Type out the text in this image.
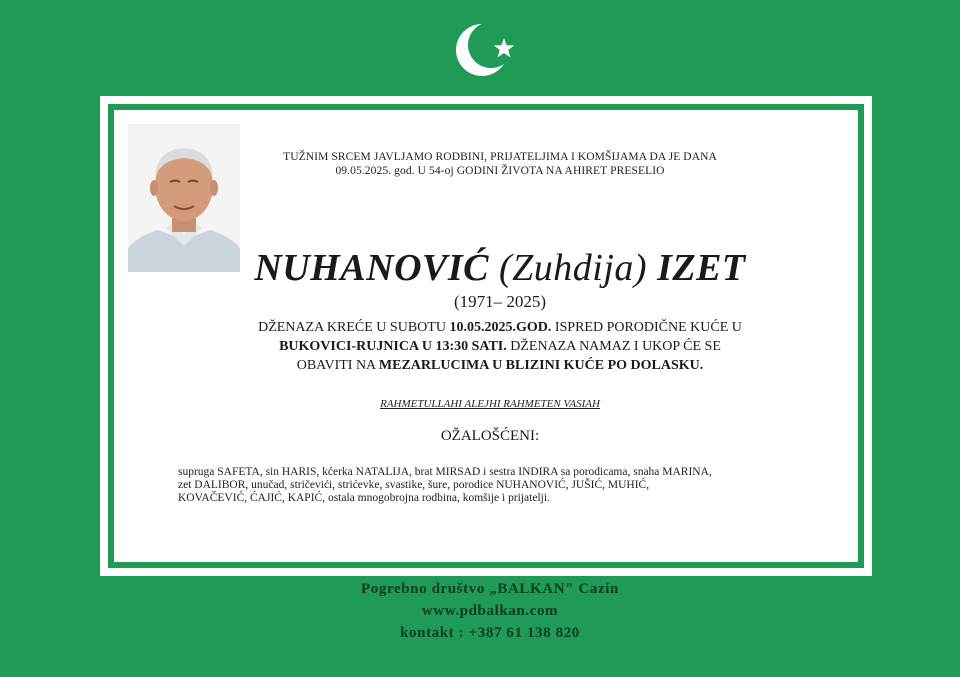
TUŽNIM SRCEM JAVLJAMO RODBINI, PRIJATELJIMA I KOMŠIJAMA DA JE DANA
09.05.2025. god. U 54-oj GODINI ŽIVOTA NA AHIRET PRESELIO
NUHANOVIĆ (Zuhdija) IZET
(1971– 2025)
DŽENAZA KREĆE U SUBOTU 10.05.2025.GOD. ISPRED PORODIČNE KUĆE U
BUKOVICI-RUJNICA U 13:30 SATI. DŽENAZA NAMAZ I UKOP ĆE SE
OBAVITI NA MEZARLUCIMA U BLIZINI KUĆE PO DOLASKU.
RAHMETULLAHI ALEJHI RAHMETEN VASIAH
OŽALOŠĆENI:
supruga SAFETA, sin HARIS, kćerka NATALIJA, brat MIRSAD i sestra INDIRA sa porodicama, snaha MARINA,
zet DALIBOR, unučad, stričevići, strićevke, svastike, šure, porodice NUHANOVIĆ, JUŠIĆ, MUHIĆ,
KOVAČEVIĆ, ĆAJIĆ, KAPIĆ, ostala mnogobrojna rodbina, komšije i prijatelji.
Pogrebno društvo „BALKAN" Cazin
www.pdbalkan.com
kontakt : +387 61 138 820
